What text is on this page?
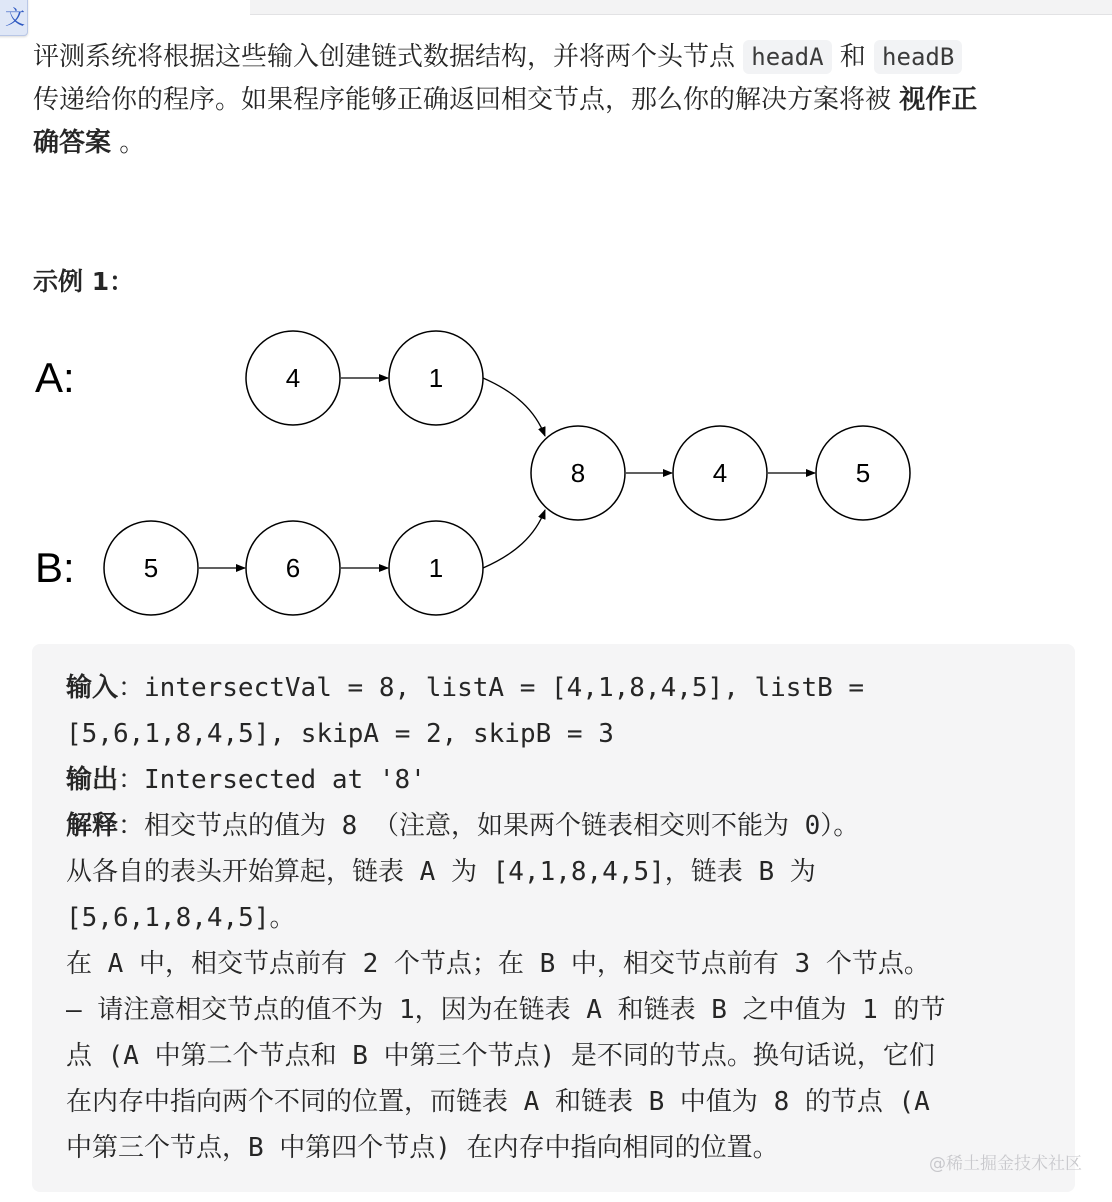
文
评测系统将根据这些输入创建链式数据结构，并将两个头节点 headA 和 headB
传递给你的程序。如果程序能够正确返回相交节点，那么你的解决方案将被 视作正
确答案 。
示例 1：
A:
B:
4	1
8	4	5
5	6	1
输入：intersectVal = 8, listA = [4,1,8,4,5], listB =
[5,6,1,8,4,5], skipA = 2, skipB = 3
输出：Intersected at '8'
解释：相交节点的值为 8 （注意，如果两个链表相交则不能为 0）。
从各自的表头开始算起，链表 A 为 [4,1,8,4,5]，链表 B 为
[5,6,1,8,4,5]。
在 A 中，相交节点前有 2 个节点；在 B 中，相交节点前有 3 个节点。
— 请注意相交节点的值不为 1，因为在链表 A 和链表 B 之中值为 1 的节
点 (A 中第二个节点和 B 中第三个节点) 是不同的节点。换句话说，它们
在内存中指向两个不同的位置，而链表 A 和链表 B 中值为 8 的节点 (A
中第三个节点，B 中第四个节点) 在内存中指向相同的位置。
@稀土掘金技术社区
